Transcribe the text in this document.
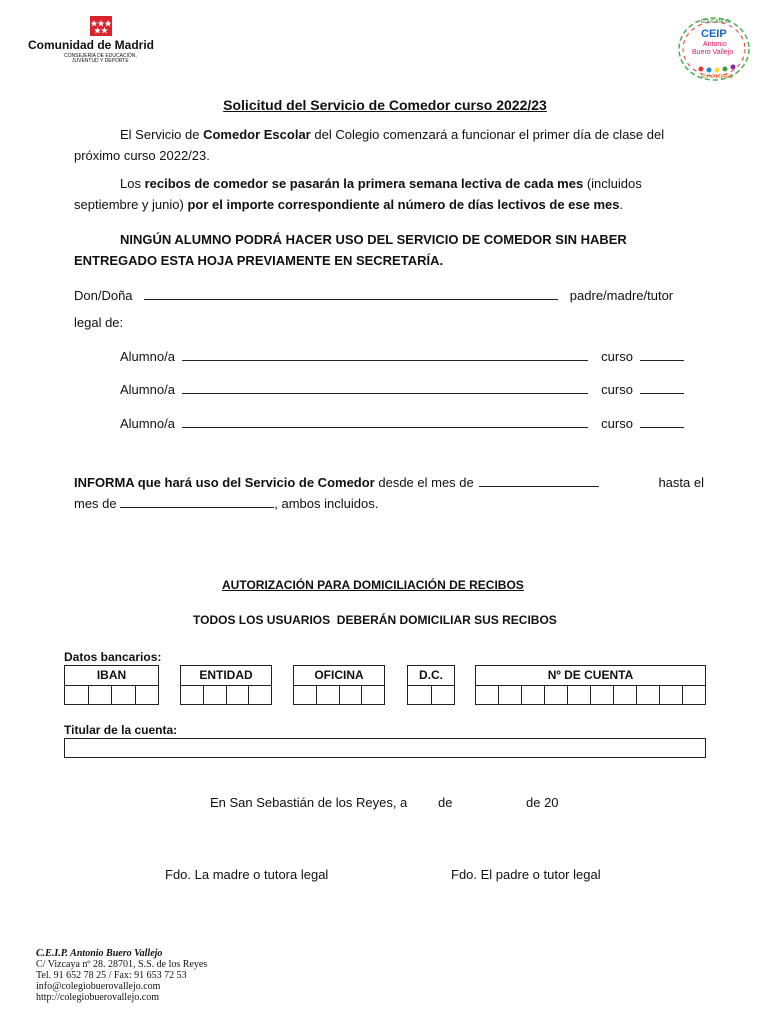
Comunidad de Madrid
CONSEJERÍA DE EDUCACIÓN,
JUVENTUD Y DEPORTE
EDUCANDO
CEIP
Antonio
Buero Vallejo
EN VALORES
Solicitud del Servicio de Comedor curso 2022/23
El Servicio de Comedor Escolar del Colegio comenzará a funcionar el primer día de clase del
próximo curso 2022/23.
Los recibos de comedor se pasarán la primera semana lectiva de cada mes (incluidos
septiembre y junio) por el importe correspondiente al número de días lectivos de ese mes.
NINGÚN ALUMNO PODRÁ HACER USO DEL SERVICIO DE COMEDOR SIN HABER
ENTREGADO ESTA HOJA PREVIAMENTE EN SECRETARÍA.
Don/Doña	padre/madre/tutor
legal de:
Alumno/a	curso
Alumno/a	curso
Alumno/a	curso
INFORMA que hará uso del Servicio de Comedor desde el mes de	hasta el
mes de	, ambos incluidos.
AUTORIZACIÓN PARA DOMICILIACIÓN DE RECIBOS
TODOS LOS USUARIOS  DEBERÁN DOMICILIAR SUS RECIBOS
Datos bancarios:
IBAN	ENTIDAD	OFICINA	D.C.	Nº DE CUENTA
Titular de la cuenta:
En San Sebastián de los Reyes, a de	de 20
Fdo. La madre o tutora legal	Fdo. El padre o tutor legal
C.E.I.P. Antonio Buero Vallejo
C/ Vizcaya nº 28. 28701, S.S. de los Reyes
Tel. 91 652 78 25 / Fax: 91 653 72 53
info@colegiobuerovallejo.com
http://colegiobuerovallejo.com
